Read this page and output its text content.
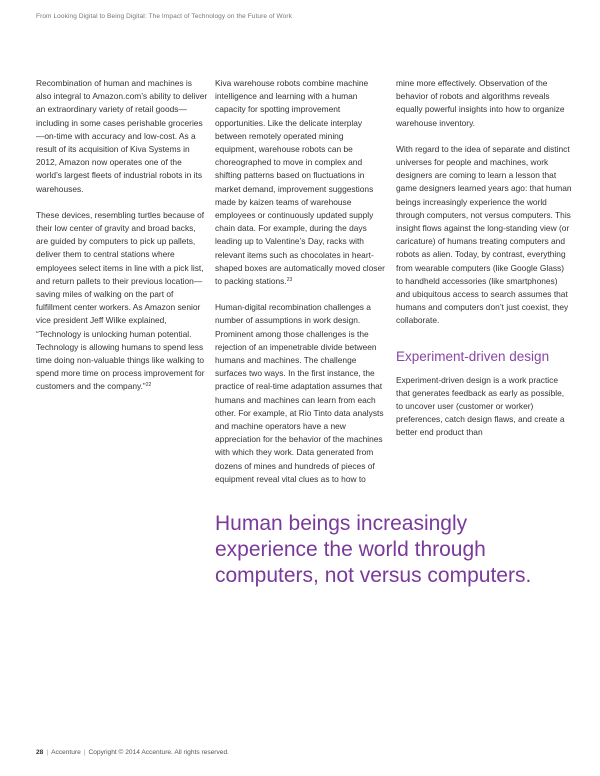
From Looking Digital to Being Digital: The Impact of Technology on the Future of Work

Recombination of human and machines is also integral to Amazon.com’s ability to deliver an extraordinary variety of retail goods—including in some cases perishable groceries—on-time with accuracy and low-cost. As a result of its acquisition of Kiva Systems in 2012, Amazon now operates one of the world’s largest fleets of industrial robots in its warehouses.

These devices, resembling turtles because of their low center of gravity and broad backs, are guided by computers to pick up pallets, deliver them to central stations where employees select items in line with a pick list, and return pallets to their previous location—saving miles of walking on the part of fulfillment center workers. As Amazon senior vice president Jeff Wilke explained, “Technology is unlocking human potential. Technology is allowing humans to spend less time doing non-valuable things like walking to spend more time on process improvement for customers and the company.”$^{22}$

Kiva warehouse robots combine machine intelligence and learning with a human capacity for spotting improvement opportunities. Like the delicate interplay between remotely operated mining equipment, warehouse robots can be choreographed to move in complex and shifting patterns based on fluctuations in market demand, improvement suggestions made by kaizen teams of warehouse employees or continuously updated supply chain data. For example, during the days leading up to Valentine’s Day, racks with relevant items such as chocolates in heart-shaped boxes are automatically moved closer to packing stations.$^{23}$

Human-digital recombination challenges a number of assumptions in work design. Prominent among those challenges is the rejection of an impenetrable divide between humans and machines. The challenge surfaces two ways. In the first instance, the practice of real-time adaptation assumes that humans and machines can learn from each other. For example, at Rio Tinto data analysts and machine operators have a new appreciation for the behavior of the machines with which they work. Data generated from dozens of mines and hundreds of pieces of equipment reveal vital clues as to how to

mine more effectively. Observation of the behavior of robots and algorithms reveals equally powerful insights into how to organize warehouse inventory.

With regard to the idea of separate and distinct universes for people and machines, work designers are coming to learn a lesson that game designers learned years ago: that human beings increasingly experience the world through computers, not versus computers. This insight flows against the long-standing view (or caricature) of humans treating computers and robots as alien. Today, by contrast, everything from wearable computers (like Google Glass) to handheld accessories (like smartphones) and ubiquitous access to search assumes that humans and computers don’t just coexist, they collaborate.

Experiment-driven design

Experiment-driven design is a work practice that generates feedback as early as possible, to uncover user (customer or worker) preferences, catch design flaws, and create a better end product than

Human beings increasingly experience the world through computers, not versus computers.
28 | Accenture | Copyright © 2014 Accenture. All rights reserved.
